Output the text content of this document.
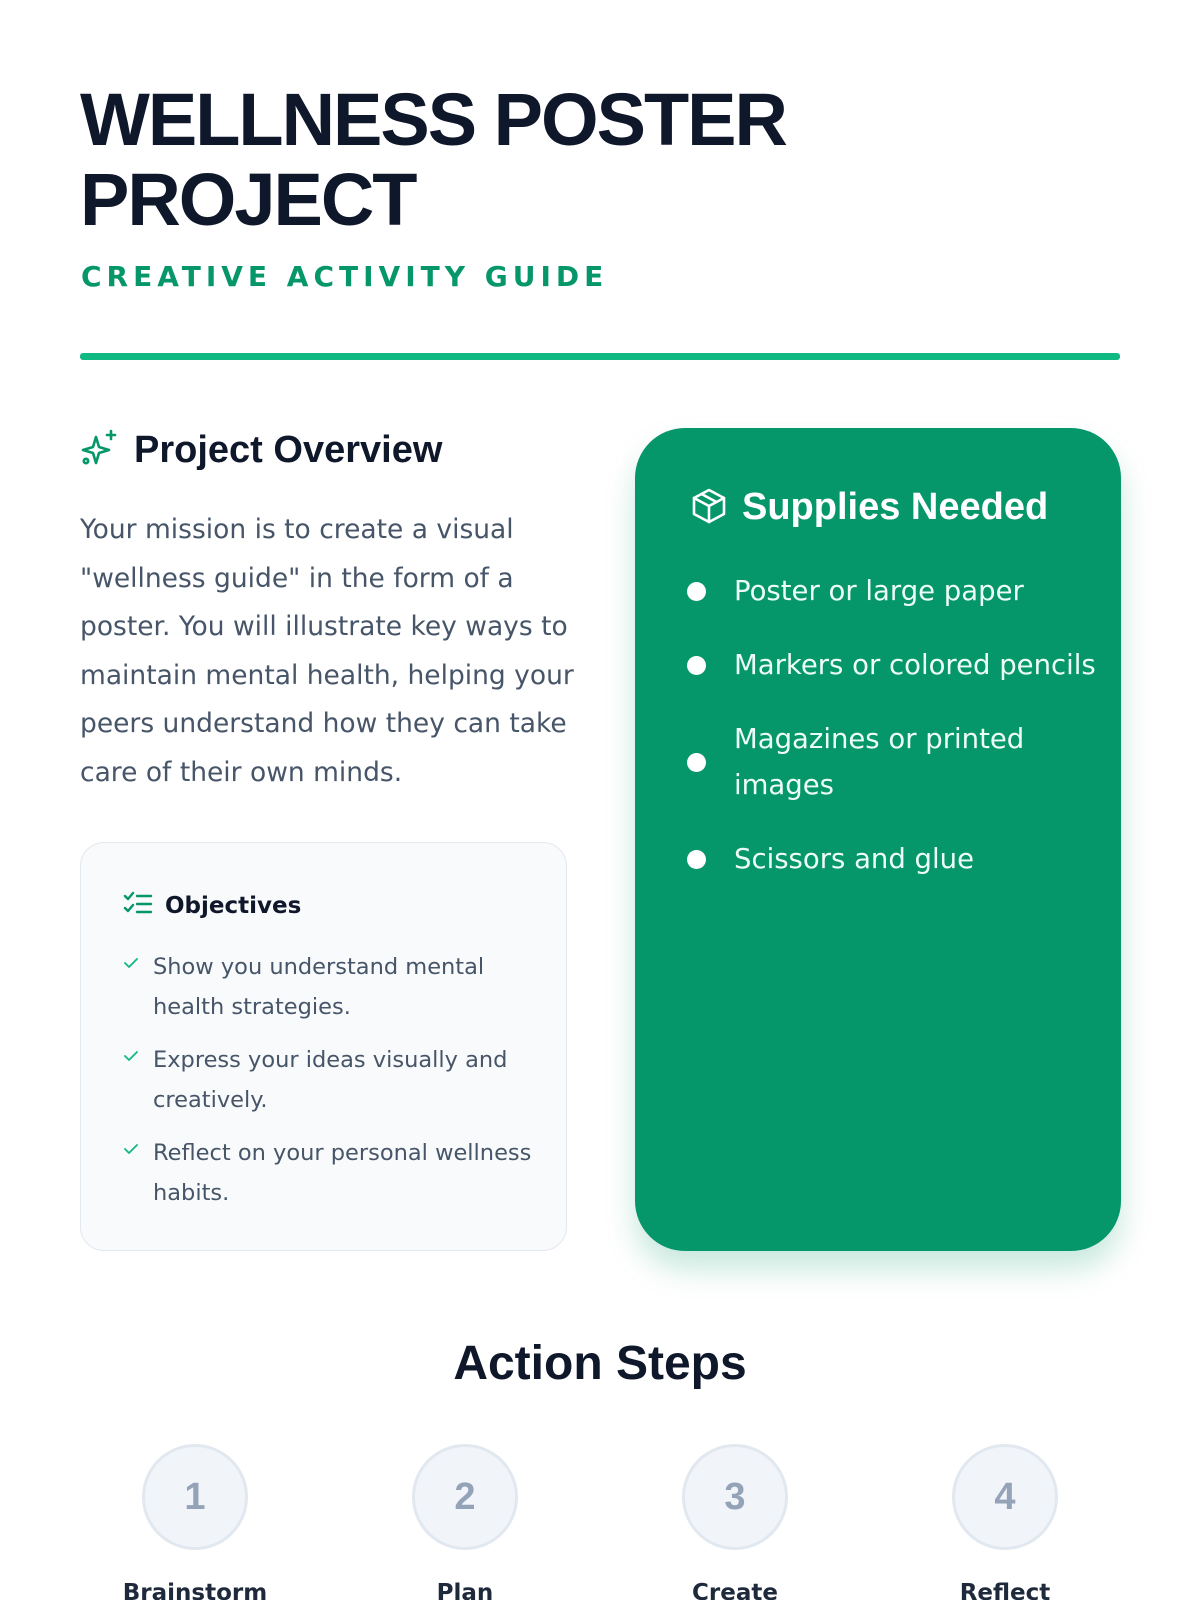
WELLNESS POSTER PROJECT
CREATIVE ACTIVITY GUIDE
Project Overview

Your mission is to create a visual "wellness guide" in the form of a poster. You will illustrate key ways to maintain mental health, helping your peers understand how they can take care of their own minds.

Objectives
Show you understand mental health strategies.
Express your ideas visually and creatively.
Reflect on your personal wellness habits.
Supplies Needed
Poster or large paper
Markers or colored pencils
Magazines or printed images
Scissors and glue
Action Steps
1
Brainstorm
2
Plan
3
Create
4
Reflect
